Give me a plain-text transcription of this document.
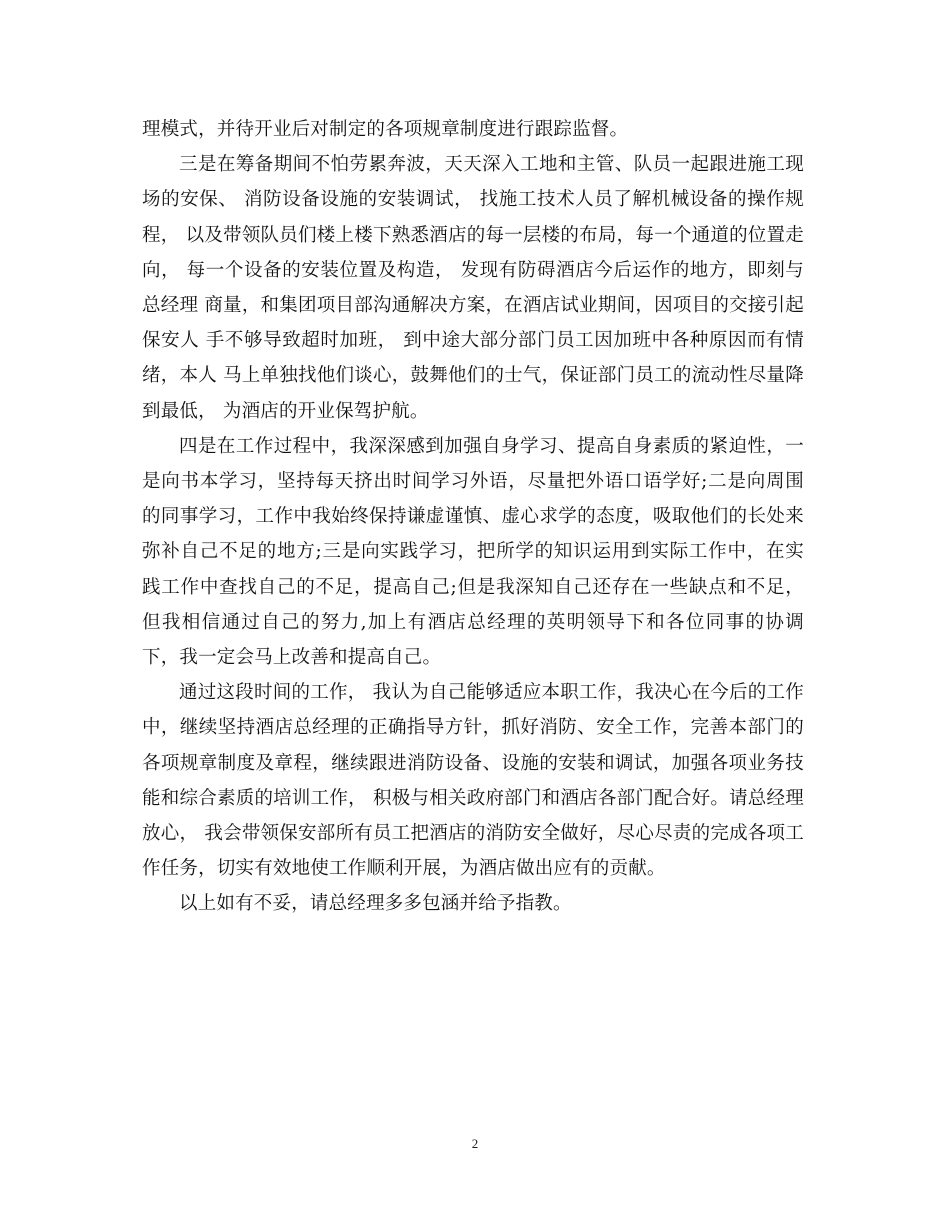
理模式，并待开业后对制定的各项规章制度进行跟踪监督。

三是在筹备期间不怕劳累奔波，天天深入工地和主管、队员一起跟进施工现场的安保、 消防设备设施的安装调试， 找施工技术人员了解机械设备的操作规程， 以及带领队员们楼上楼下熟悉酒店的每一层楼的布局，每一个通道的位置走向， 每一个设备的安装位置及构造， 发现有防碍酒店今后运作的地方，即刻与总经理 商量，和集团项目部沟通解决方案，在酒店试业期间，因项目的交接引起保安人 手不够导致超时加班， 到中途大部分部门员工因加班中各种原因而有情绪，本人 马上单独找他们谈心，鼓舞他们的士气，保证部门员工的流动性尽量降到最低， 为酒店的开业保驾护航。

四是在工作过程中，我深深感到加强自身学习、提高自身素质的紧迫性，一是向书本学习，坚持每天挤出时间学习外语，尽量把外语口语学好;二是向周围 的同事学习，工作中我始终保持谦虚谨慎、虚心求学的态度，吸取他们的长处来 弥补自己不足的地方;三是向实践学习，把所学的知识运用到实际工作中，在实 践工作中查找自己的不足，提高自己;但是我深知自己还存在一些缺点和不足， 但我相信通过自己的努力,加上有酒店总经理的英明领导下和各位同事的协调 下，我一定会马上改善和提高自己。

通过这段时间的工作， 我认为自己能够适应本职工作，我决心在今后的工作中，继续坚持酒店总经理的正确指导方针，抓好消防、安全工作，完善本部门的各项规章制度及章程，继续跟进消防设备、设施的安装和调试，加强各项业务技能和综合素质的培训工作， 积极与相关政府部门和酒店各部门配合好。请总经理放心， 我会带领保安部所有员工把酒店的消防安全做好，尽心尽责的完成各项工作任务，切实有效地使工作顺利开展，为酒店做出应有的贡献。

以上如有不妥，请总经理多多包涵并给予指教。

2
